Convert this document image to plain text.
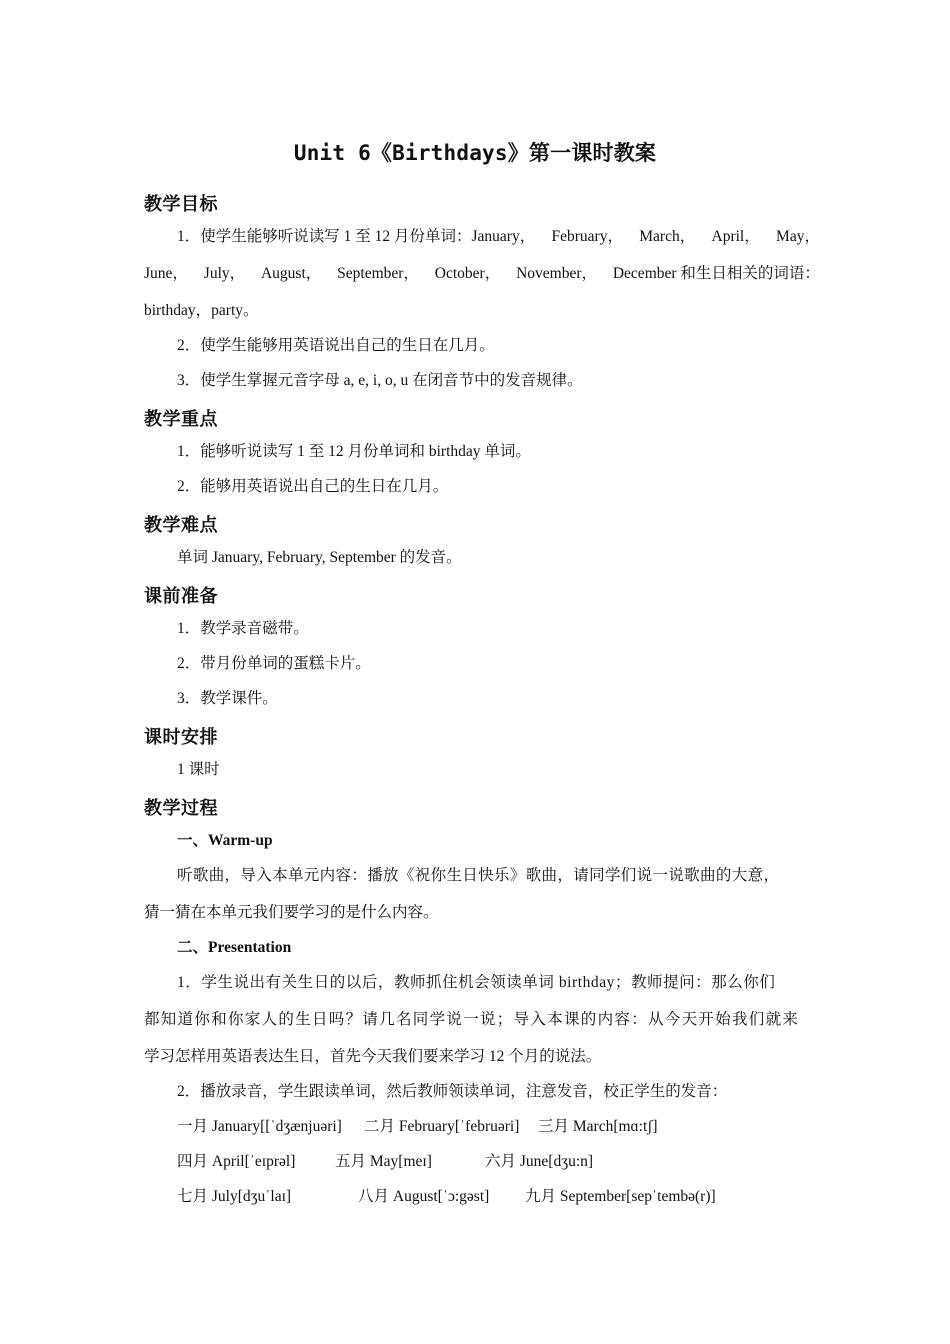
Unit 6《Birthdays》第一课时教案
教学目标
1．使学生能够听说读写 1 至 12 月份单词：January， February， March， April， May，
June， July， August， September， October， November， December 和生日相关的词语：
birthday，party。
2．使学生能够用英语说出自己的生日在几月。
3．使学生掌握元音字母 a, e, i, o, u 在闭音节中的发音规律。
教学重点
1．能够听说读写 1 至 12 月份单词和 birthday 单词。
2．能够用英语说出自己的生日在几月。
教学难点
单词 January, February, September 的发音。
课前准备
1．教学录音磁带。
2．带月份单词的蛋糕卡片。
3．教学课件。
课时安排
1 课时
教学过程
一、Warm-up
听歌曲，导入本单元内容：播放《祝你生日快乐》歌曲，请同学们说一说歌曲的大意，
猜一猜在本单元我们要学习的是什么内容。
二、Presentation
1．学生说出有关生日的以后，教师抓住机会领读单词 birthday；教师提问：那么你们
都知道你和你家人的生日吗？请几名同学说一说；导入本课的内容：从今天开始我们就来
学习怎样用英语表达生日，首先今天我们要来学习 12 个月的说法。
2．播放录音，学生跟读单词，然后教师领读单词，注意发音，校正学生的发音：
一月 January[[ˈdʒænjuəri] 二月 February[ˈfebruəri] 三月 March[mɑ:tʃ]
四月 April[ˈeɪprəl]	五月 May[meɪ]	六月 June[dʒu:n]
七月 July[dʒuˈlaɪ]	八月 August[ˈɔ:gəst] 九月 September[sepˈtembə(r)]
